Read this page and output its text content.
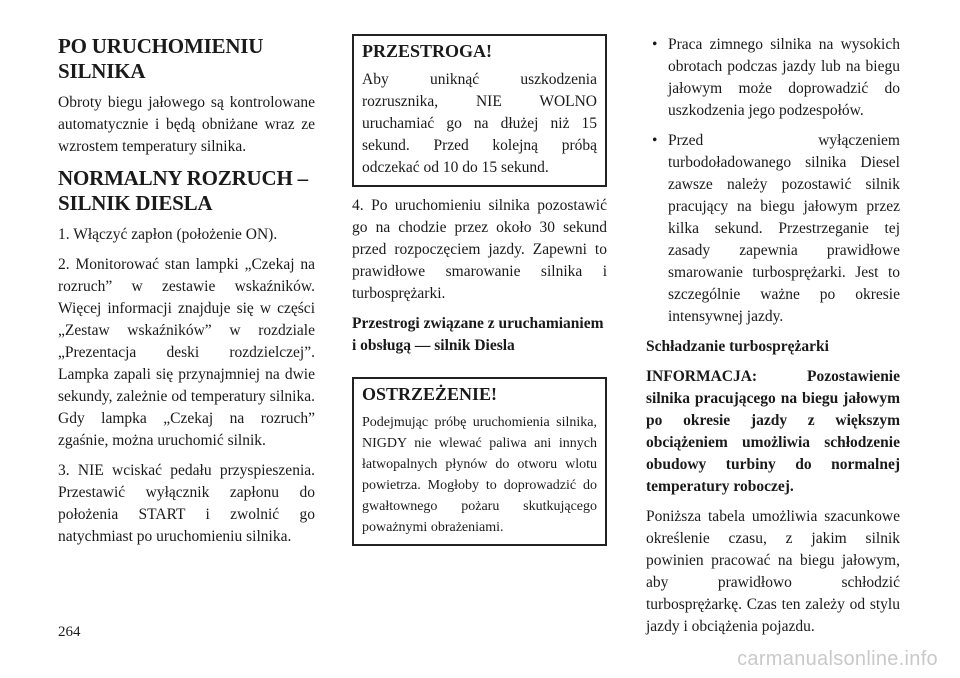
PO URUCHOMIENIU SILNIKA

Obroty biegu jałowego są kontrolowane automatycznie i będą obniżane wraz ze wzrostem temperatury silnika.

NORMALNY ROZRUCH – SILNIK DIESLA

1. Włączyć zapłon (położenie ON).

2. Monitorować stan lampki „Czekaj na rozruch” w zestawie wskaźników. Więcej informacji znajduje się w części „Zestaw wskaźników” w rozdziale „Prezentacja deski rozdzielczej”. Lampka zapali się przynajmniej na dwie sekundy, zależnie od temperatury silnika. Gdy lampka „Czekaj na rozruch” zgaśnie, można uruchomić silnik.

3. NIE wciskać pedału przyspieszenia. Przestawić wyłącznik zapłonu do położenia START i zwolnić go natychmiast po uruchomieniu silnika.

PRZESTROGA!

Aby uniknąć uszkodzenia rozrusznika, NIE WOLNO uruchamiać go na dłużej niż 15 sekund. Przed kolejną próbą odczekać od 10 do 15 sekund.

4. Po uruchomieniu silnika pozostawić go na chodzie przez około 30 sekund przed rozpoczęciem jazdy. Zapewni to prawidłowe smarowanie silnika i turbosprężarki.

Przestrogi związane z uruchamianiem i obsługą — silnik Diesla

OSTRZEŻENIE!

Podejmując próbę uruchomienia silnika, NIGDY nie wlewać paliwa ani innych łatwopalnych płynów do otworu wlotu powietrza. Mogłoby to doprowadzić do gwałtownego pożaru skutkującego poważnymi obrażeniami.

• Praca zimnego silnika na wysokich obrotach podczas jazdy lub na biegu jałowym może doprowadzić do uszkodzenia jego podzespołów.
• Przed wyłączeniem turbodoładowanego silnika Diesel zawsze należy pozostawić silnik pracujący na biegu jałowym przez kilka sekund. Przestrzeganie tej zasady zapewnia prawidłowe smarowanie turbosprężarki. Jest to szczególnie ważne po okresie intensywnej jazdy.

Schładzanie turbosprężarki

INFORMACJA: Pozostawienie silnika pracującego na biegu jałowym po okresie jazdy z większym obciążeniem umożliwia schłodzenie obudowy turbiny do normalnej temperatury roboczej.

Poniższa tabela umożliwia szacunkowe określenie czasu, z jakim silnik powinien pracować na biegu jałowym, aby prawidłowo schłodzić turbosprężarkę. Czas ten zależy od stylu jazdy i obciążenia pojazdu.

264
carmanualsonline.info
